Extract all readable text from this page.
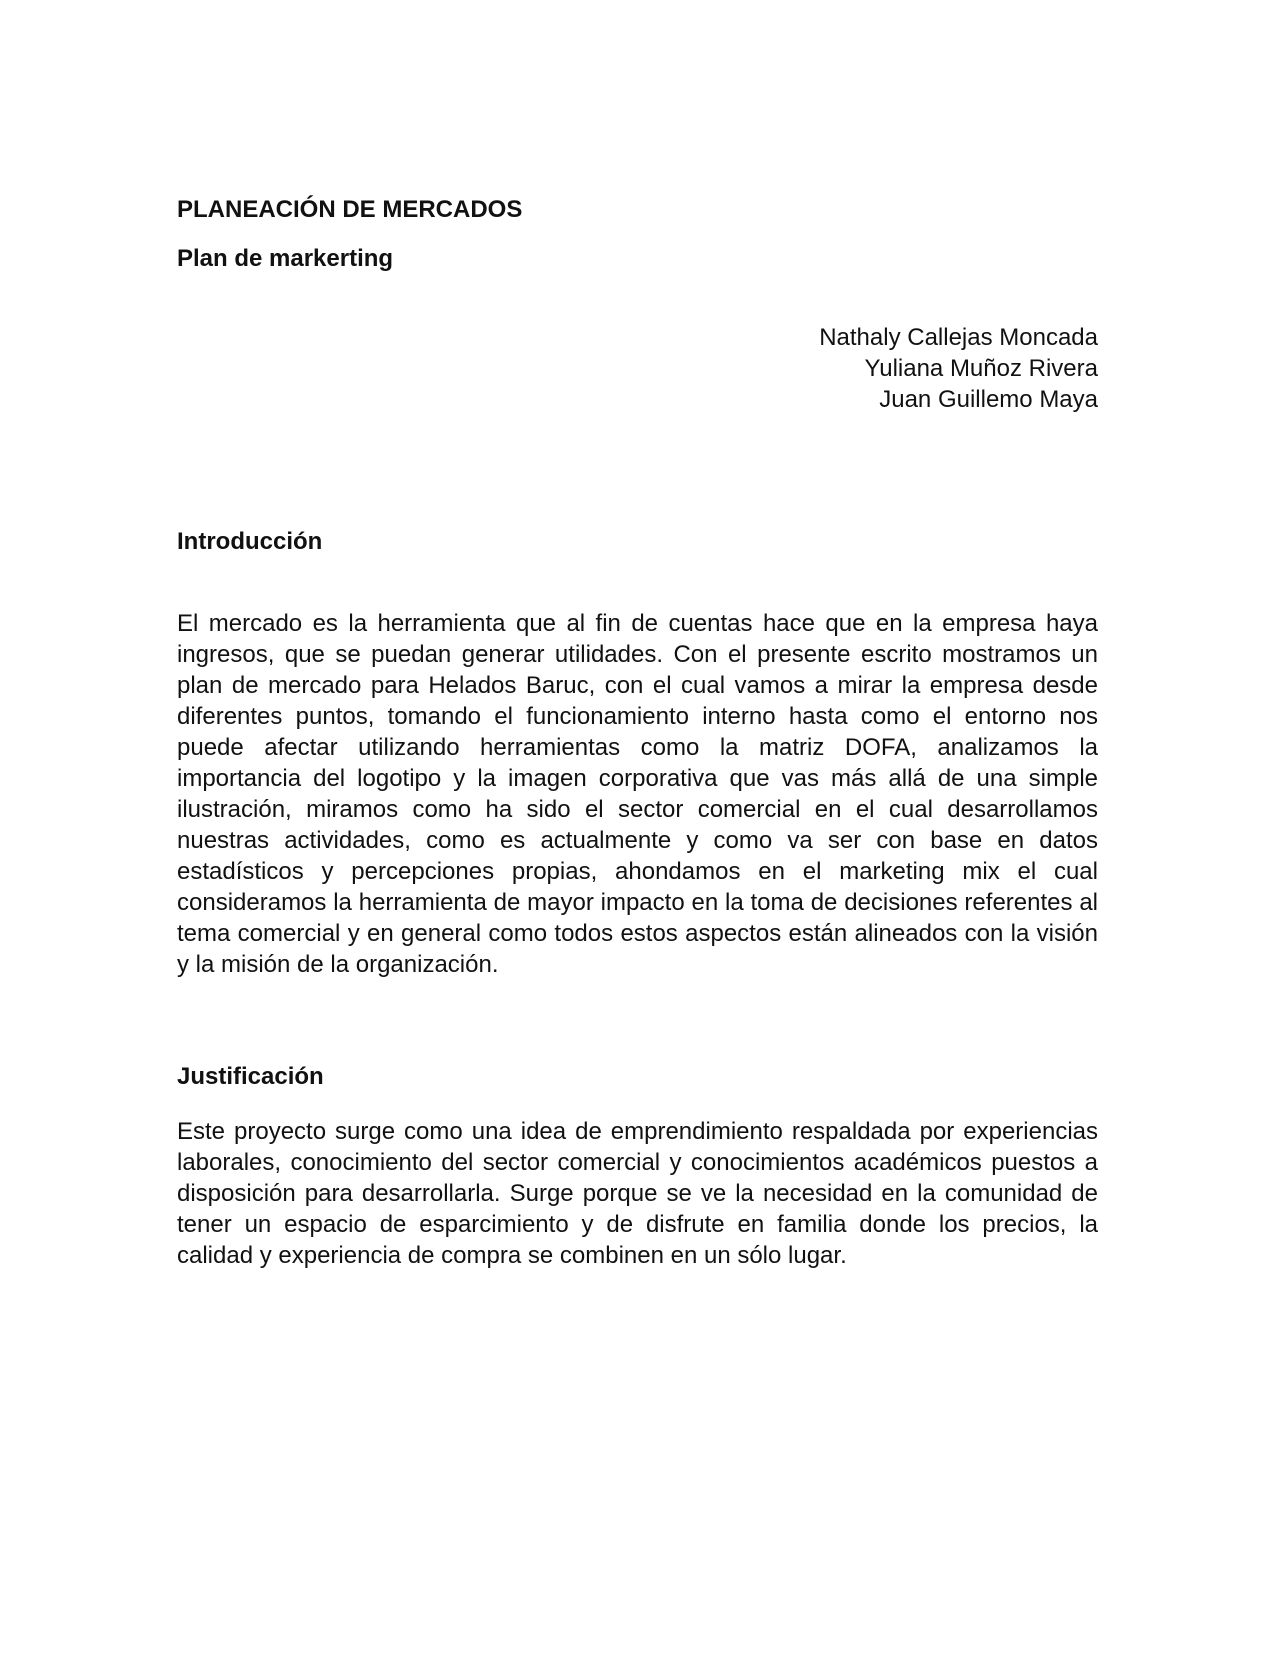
PLANEACIÓN DE MERCADOS
Plan de markerting
Nathaly Callejas Moncada
Yuliana Muñoz Rivera
Juan Guillemo Maya
Introducción

El mercado es la herramienta que al fin de cuentas hace que en la empresa haya ingresos, que se puedan generar utilidades. Con el presente escrito mostramos un plan de mercado para Helados Baruc, con el cual vamos a mirar la empresa desde diferentes puntos, tomando el funcionamiento interno hasta como el entorno nos puede afectar utilizando herramientas como la matriz DOFA, analizamos la importancia del logotipo y la imagen corporativa que vas más allá de una simple ilustración, miramos como ha sido el sector comercial en el cual desarrollamos nuestras actividades, como es actualmente y como va ser con base en datos estadísticos y percepciones propias, ahondamos en el marketing mix el cual consideramos la herramienta de mayor impacto en la toma de decisiones referentes al tema comercial y en general como todos estos aspectos están alineados con la visión y la misión de la organización.

Justificación

Este proyecto surge como una idea de emprendimiento respaldada por experiencias laborales, conocimiento del sector comercial y conocimientos académicos puestos a disposición para desarrollarla. Surge porque se ve la necesidad en la comunidad de tener un espacio de esparcimiento y de disfrute en familia donde los precios, la calidad y experiencia de compra se combinen en un sólo lugar.
